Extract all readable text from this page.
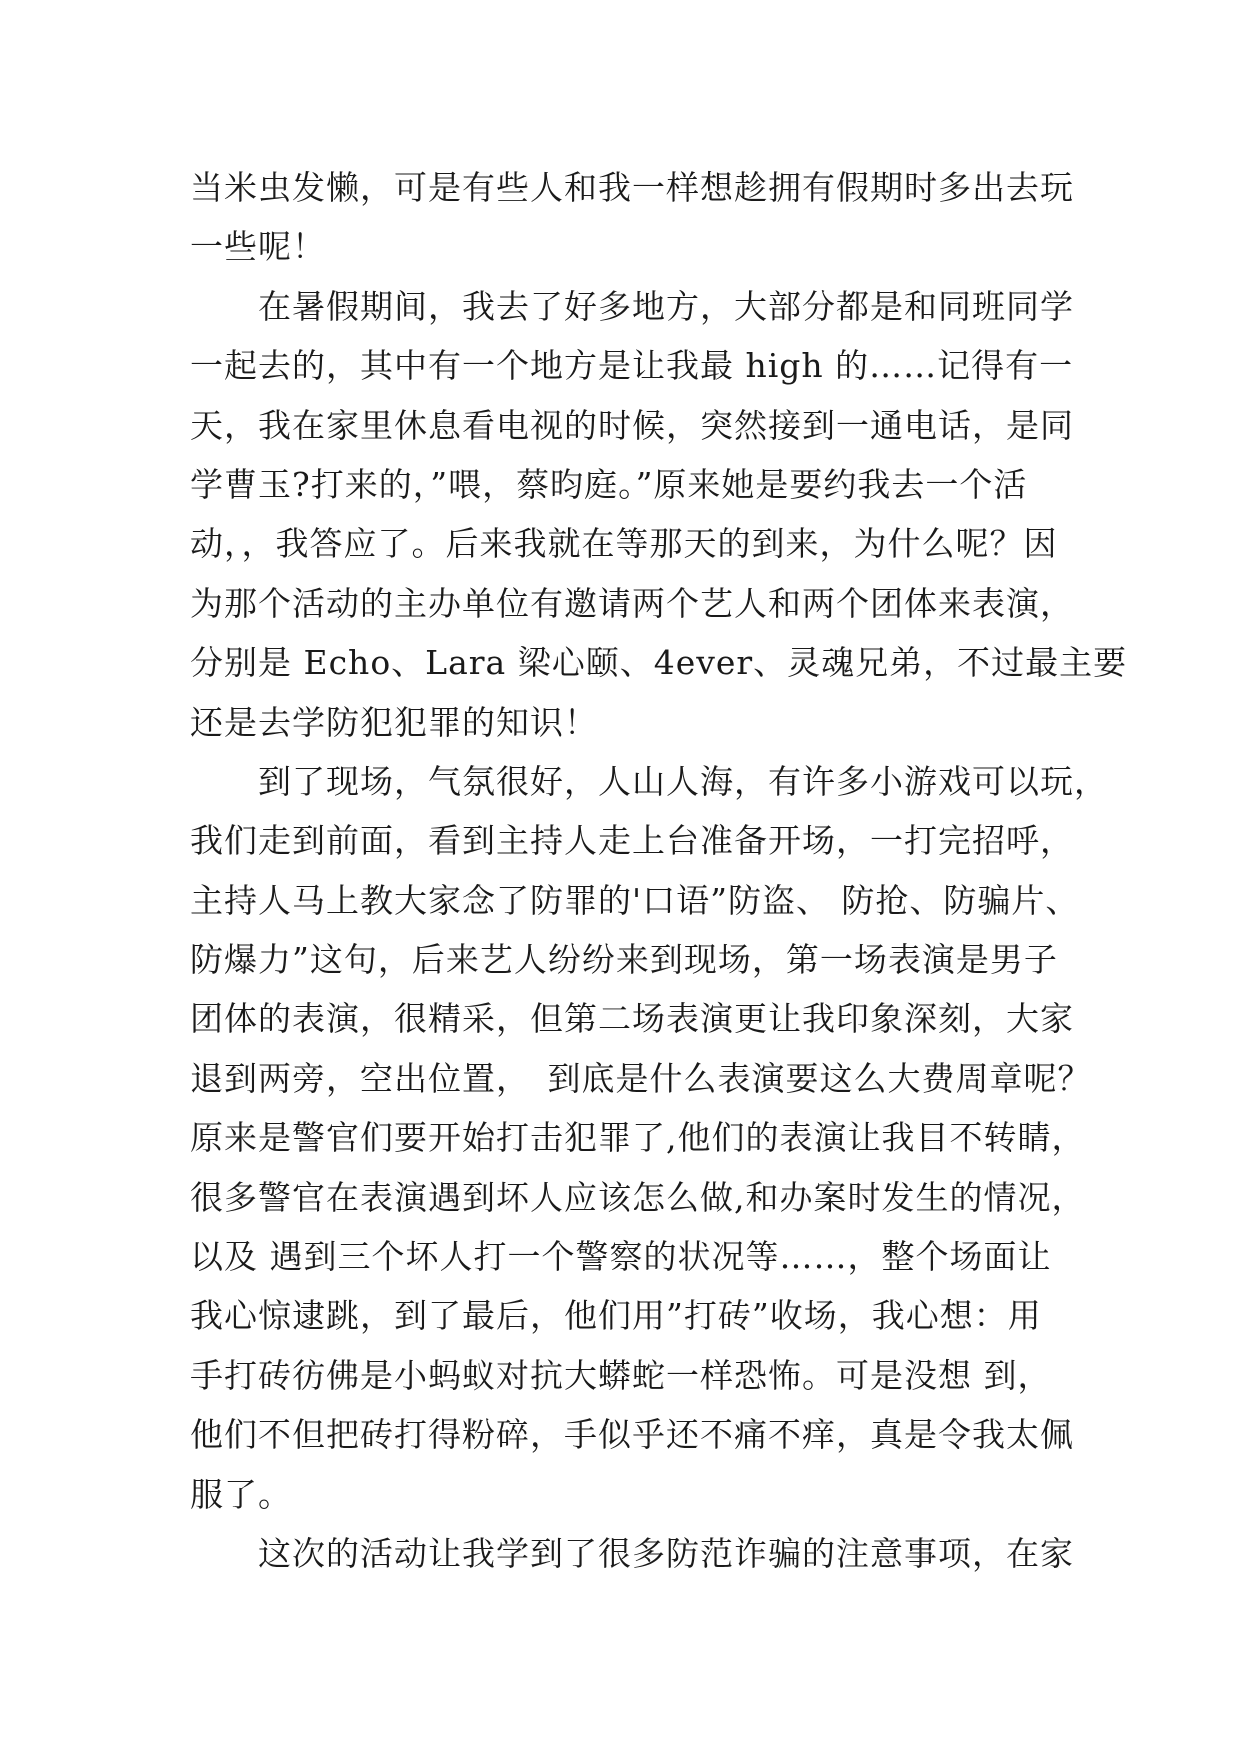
当米虫发懒，可是有些人和我一样想趁拥有假期时多出去玩
一些呢！
　　在暑假期间，我去了好多地方，大部分都是和同班同学
一起去的，其中有一个地方是让我最 high 的……记得有一
天，我在家里休息看电视的时候，突然接到一通电话，是同
学曹玉?打来的，”喂，蔡昀庭。”原来她是要约我去一个活
动，，我答应了。后来我就在等那天的到来，为什么呢？因
为那个活动的主办单位有邀请两个艺人和两个团体来表演，
分别是 Echo、Lara 梁心颐、4ever、灵魂兄弟，不过最主要
还是去学防犯犯罪的知识！
　　到了现场，气氛很好，人山人海，有许多小游戏可以玩，
我们走到前面，看到主持人走上台准备开场，一打完招呼，
主持人马上教大家念了防罪的'口语”防盗、 防抢、防骗片、
防爆力”这句，后来艺人纷纷来到现场，第一场表演是男子
团体的表演，很精采，但第二场表演更让我印象深刻，大家
退到两旁，空出位置，　到底是什么表演要这么大费周章呢？
原来是警官们要开始打击犯罪了,他们的表演让我目不转睛，
很多警官在表演遇到坏人应该怎么做,和办案时发生的情况，
以及 遇到三个坏人打一个警察的状况等……，整个场面让
我心惊逮跳，到了最后，他们用”打砖”收场，我心想：用
手打砖彷佛是小蚂蚁对抗大蟒蛇一样恐怖。可是没想 到，
他们不但把砖打得粉碎，手似乎还不痛不痒，真是令我太佩
服了。
　　这次的活动让我学到了很多防范诈骗的注意事项，在家
